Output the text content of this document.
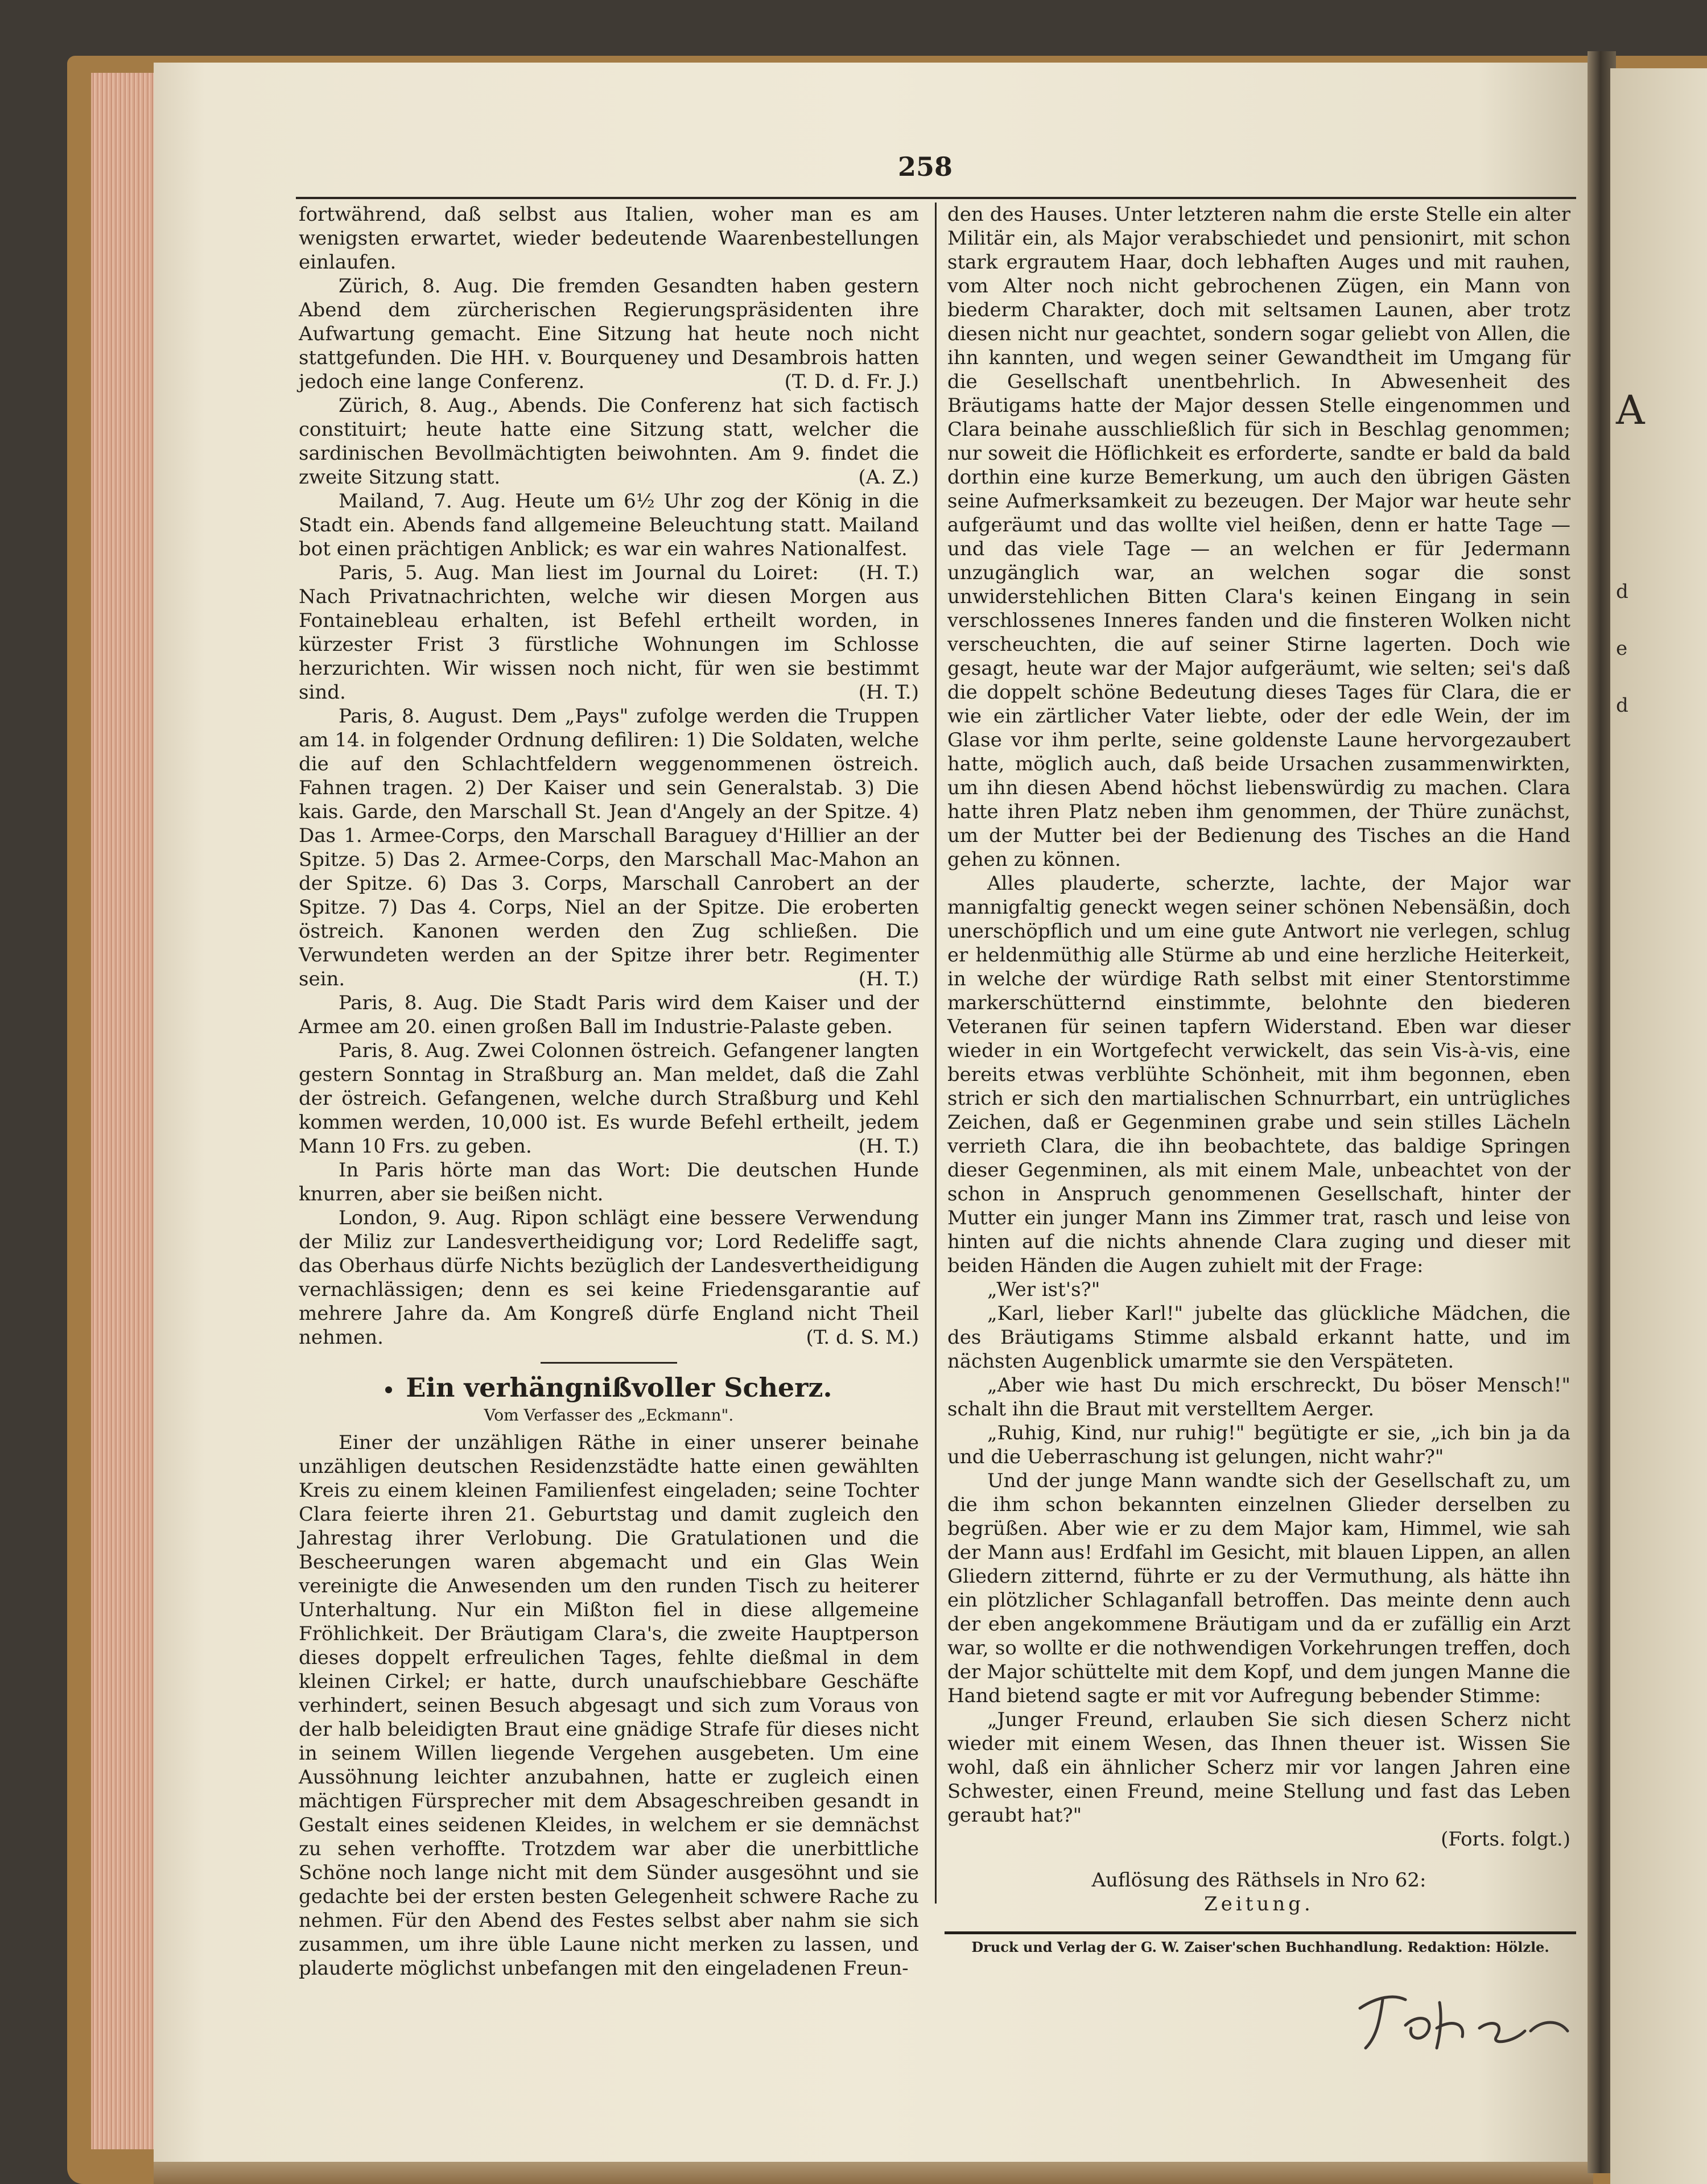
A
d
e
d
258

fortwährend, daß selbst aus Italien, woher man es am wenigsten erwartet, wieder bedeutende Waarenbestellungen einlaufen.

Zürich, 8. Aug. Die fremden Gesandten haben gestern Abend dem zürcherischen Regierungspräsidenten ihre Aufwartung gemacht. Eine Sitzung hat heute noch nicht stattgefunden. Die HH. v. Bourqueney und Desambrois hatten jedoch eine lange Conferenz.	(T. D. d. Fr. J.)

Zürich, 8. Aug., Abends. Die Conferenz hat sich factisch constituirt; heute hatte eine Sitzung statt, welcher die sardinischen Bevollmächtigten beiwohnten. Am 9. findet die zweite Sitzung statt.	(A. Z.)

Mailand, 7. Aug. Heute um 6½ Uhr zog der König in die Stadt ein. Abends fand allgemeine Beleuchtung statt. Mailand bot einen prächtigen Anblick; es war ein wahres Nationalfest.
(H. T.)

Paris, 5. Aug. Man liest im Journal du Loiret: Nach Privatnachrichten, welche wir diesen Morgen aus Fontainebleau erhalten, ist Befehl ertheilt worden, in kürzester Frist 3 fürstliche Wohnungen im Schlosse herzurichten. Wir wissen noch nicht, für wen sie bestimmt sind.	(H. T.)

Paris, 8. August. Dem „Pays" zufolge werden die Truppen am 14. in folgender Ordnung defiliren: 1) Die Soldaten, welche die auf den Schlachtfeldern weggenommenen östreich. Fahnen tragen. 2) Der Kaiser und sein Generalstab. 3) Die kais. Garde, den Marschall St. Jean d'Angely an der Spitze. 4) Das 1. Armee-Corps, den Marschall Baraguey d'Hillier an der Spitze. 5) Das 2. Armee-Corps, den Marschall Mac-Mahon an der Spitze. 6) Das 3. Corps, Marschall Canrobert an der Spitze. 7) Das 4. Corps, Niel an der Spitze. Die eroberten östreich. Kanonen werden den Zug schließen. Die Verwundeten werden an der Spitze ihrer betr. Regimenter sein.	(H. T.)

Paris, 8. Aug. Die Stadt Paris wird dem Kaiser und der Armee am 20. einen großen Ball im Industrie-Palaste geben.

Paris, 8. Aug. Zwei Colonnen östreich. Gefangener langten gestern Sonntag in Straßburg an. Man meldet, daß die Zahl der östreich. Gefangenen, welche durch Straßburg und Kehl kommen werden, 10,000 ist. Es wurde Befehl ertheilt, jedem Mann 10 Frs. zu geben.	(H. T.)

In Paris hörte man das Wort: Die deutschen Hunde knurren, aber sie beißen nicht.

London, 9. Aug. Ripon schlägt eine bessere Verwendung der Miliz zur Landesvertheidigung vor; Lord Redeliffe sagt, das Oberhaus dürfe Nichts bezüglich der Landesvertheidigung vernachlässigen; denn es sei keine Friedensgarantie auf mehrere Jahre da. Am Kongreß dürfe England nicht Theil nehmen.	(T. d. S. M.)

Ein verhängnißvoller Scherz.
Vom Verfasser des „Eckmann".

Einer der unzähligen Räthe in einer unserer beinahe unzähligen deutschen Residenzstädte hatte einen gewählten Kreis zu einem kleinen Familienfest eingeladen; seine Tochter Clara feierte ihren 21. Geburtstag und damit zugleich den Jahrestag ihrer Verlobung. Die Gratulationen und die Bescheerungen waren abgemacht und ein Glas Wein vereinigte die Anwesenden um den runden Tisch zu heiterer Unterhaltung. Nur ein Mißton fiel in diese allgemeine Fröhlichkeit. Der Bräutigam Clara's, die zweite Hauptperson dieses doppelt erfreulichen Tages, fehlte dießmal in dem kleinen Cirkel; er hatte, durch unaufschiebbare Geschäfte verhindert, seinen Besuch abgesagt und sich zum Voraus von der halb beleidigten Braut eine gnädige Strafe für dieses nicht in seinem Willen liegende Vergehen ausgebeten. Um eine Aussöhnung leichter anzubahnen, hatte er zugleich einen mächtigen Fürsprecher mit dem Absageschreiben gesandt in Gestalt eines seidenen Kleides, in welchem er sie demnächst zu sehen verhoffte. Trotzdem war aber die unerbittliche Schöne noch lange nicht mit dem Sünder ausgesöhnt und sie gedachte bei der ersten besten Gelegenheit schwere Rache zu nehmen. Für den Abend des Festes selbst aber nahm sie sich zusammen, um ihre üble Laune nicht merken zu lassen, und plauderte möglichst unbefangen mit den eingeladenen Freun-

den des Hauses. Unter letzteren nahm die erste Stelle ein alter Militär ein, als Major verabschiedet und pensionirt, mit schon stark ergrautem Haar, doch lebhaften Auges und mit rauhen, vom Alter noch nicht gebrochenen Zügen, ein Mann von biederm Charakter, doch mit seltsamen Launen, aber trotz diesen nicht nur geachtet, sondern sogar geliebt von Allen, die ihn kannten, und wegen seiner Gewandtheit im Umgang für die Gesellschaft unentbehrlich. In Abwesenheit des Bräutigams hatte der Major dessen Stelle eingenommen und Clara beinahe ausschließlich für sich in Beschlag genommen; nur soweit die Höflichkeit es erforderte, sandte er bald da bald dorthin eine kurze Bemerkung, um auch den übrigen Gästen seine Aufmerksamkeit zu bezeugen. Der Major war heute sehr aufgeräumt und das wollte viel heißen, denn er hatte Tage — und das viele Tage — an welchen er für Jedermann unzugänglich war, an welchen sogar die sonst unwiderstehlichen Bitten Clara's keinen Eingang in sein verschlossenes Inneres fanden und die finsteren Wolken nicht verscheuchten, die auf seiner Stirne lagerten. Doch wie gesagt, heute war der Major aufgeräumt, wie selten; sei's daß die doppelt schöne Bedeutung dieses Tages für Clara, die er wie ein zärtlicher Vater liebte, oder der edle Wein, der im Glase vor ihm perlte, seine goldenste Laune hervorgezaubert hatte, möglich auch, daß beide Ursachen zusammenwirkten, um ihn diesen Abend höchst liebenswürdig zu machen. Clara hatte ihren Platz neben ihm genommen, der Thüre zunächst, um der Mutter bei der Bedienung des Tisches an die Hand gehen zu können.

Alles plauderte, scherzte, lachte, der Major war mannigfaltig geneckt wegen seiner schönen Nebensäßin, doch unerschöpflich und um eine gute Antwort nie verlegen, schlug er heldenmüthig alle Stürme ab und eine herzliche Heiterkeit, in welche der würdige Rath selbst mit einer Stentorstimme markerschütternd einstimmte, belohnte den biederen Veteranen für seinen tapfern Widerstand. Eben war dieser wieder in ein Wortgefecht verwickelt, das sein Vis-à-vis, eine bereits etwas verblühte Schönheit, mit ihm begonnen, eben strich er sich den martialischen Schnurrbart, ein untrügliches Zeichen, daß er Gegenminen grabe und sein stilles Lächeln verrieth Clara, die ihn beobachtete, das baldige Springen dieser Gegenminen, als mit einem Male, unbeachtet von der schon in Anspruch genommenen Gesellschaft, hinter der Mutter ein junger Mann ins Zimmer trat, rasch und leise von hinten auf die nichts ahnende Clara zuging und dieser mit beiden Händen die Augen zuhielt mit der Frage:

„Wer ist's?"

„Karl, lieber Karl!" jubelte das glückliche Mädchen, die des Bräutigams Stimme alsbald erkannt hatte, und im nächsten Augenblick umarmte sie den Verspäteten.

„Aber wie hast Du mich erschreckt, Du böser Mensch!" schalt ihn die Braut mit verstelltem Aerger.

„Ruhig, Kind, nur ruhig!" begütigte er sie, „ich bin ja da und die Ueberraschung ist gelungen, nicht wahr?"

Und der junge Mann wandte sich der Gesellschaft zu, um die ihm schon bekannten einzelnen Glieder derselben zu begrüßen. Aber wie er zu dem Major kam, Himmel, wie sah der Mann aus! Erdfahl im Gesicht, mit blauen Lippen, an allen Gliedern zitternd, führte er zu der Vermuthung, als hätte ihn ein plötzlicher Schlaganfall betroffen. Das meinte denn auch der eben angekommene Bräutigam und da er zufällig ein Arzt war, so wollte er die nothwendigen Vorkehrungen treffen, doch der Major schüttelte mit dem Kopf, und dem jungen Manne die Hand bietend sagte er mit vor Aufregung bebender Stimme:

„Junger Freund, erlauben Sie sich diesen Scherz nicht wieder mit einem Wesen, das Ihnen theuer ist. Wissen Sie wohl, daß ein ähnlicher Scherz mir vor langen Jahren eine Schwester, einen Freund, meine Stellung und fast das Leben geraubt hat?"

(Forts. folgt.)

Auflösung des Räthsels in Nro 62:
Zeitung.
Druck und Verlag der G. W. Zaiser'schen Buchhandlung. Redaktion: Hölzle.
